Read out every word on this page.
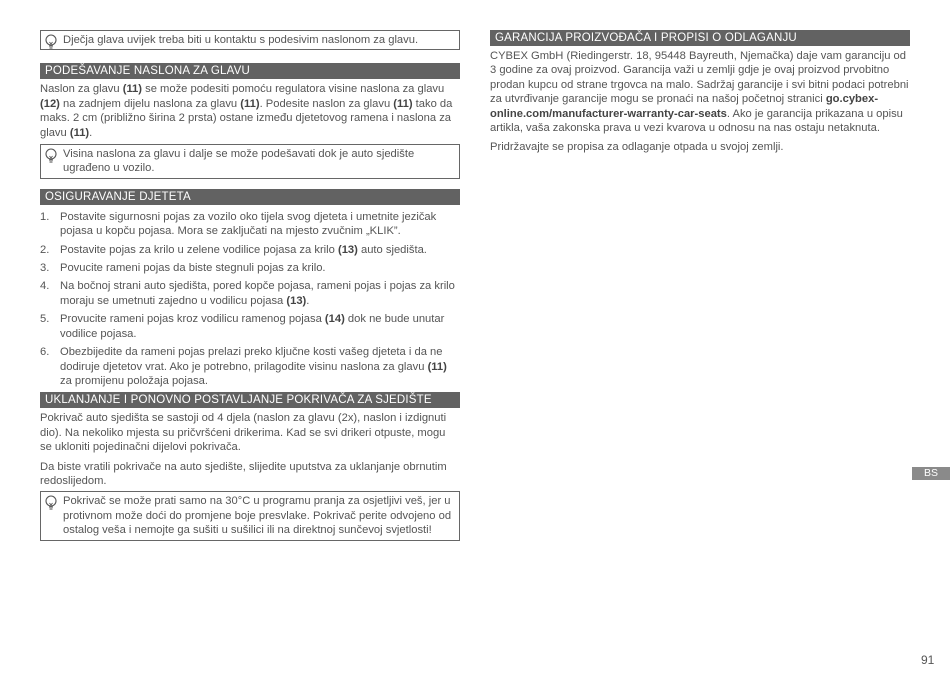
Dječja glava uvijek treba biti u kontaktu s podesivim naslonom za glavu.
PODEŠAVANJE NASLONA ZA GLAVU

Naslon za glavu (11) se može podesiti pomoću regulatora visine naslona za glavu (12) na zadnjem dijelu naslona za glavu (11). Podesite naslon za glavu (11) tako da maks. 2 cm (približno širina 2 prsta) ostane između djetetovog ramena i naslona za glavu (11).

Visina naslona za glavu i dalje se može podešavati dok je auto sjedište ugrađeno u vozilo.
OSIGURAVANJE DJETETA
1. Postavite sigurnosni pojas za vozilo oko tijela svog djeteta i umetnite jezičak pojasa u kopču pojasa. Mora se zaključati na mjesto zvučnim „KLIK”.
2. Postavite pojas za krilo u zelene vodilice pojasa za krilo (13) auto sjedišta.
3. Povucite rameni pojas da biste stegnuli pojas za krilo.
4. Na bočnoj strani auto sjedišta, pored kopče pojasa, rameni pojas i pojas za krilo moraju se umetnuti zajedno u vodilicu pojasa (13).
5. Provucite rameni pojas kroz vodilicu ramenog pojasa (14) dok ne bude unutar vodilice pojasa.
6. Obezbijedite da rameni pojas prelazi preko ključne kosti vašeg djeteta i da ne dodiruje djetetov vrat. Ako je potrebno, prilagodite visinu naslona za glavu (11) za promijenu položaja pojasa.
UKLANJANJE I PONOVNO POSTAVLJANJE POKRIVAČA ZA SJEDIŠTE

Pokrivač auto sjedišta se sastoji od 4 djela (naslon za glavu (2x), naslon i izdignuti dio). Na nekoliko mjesta su pričvršćeni drikerima. Kad se svi drikeri otpuste, mogu se ukloniti pojedinačni dijelovi pokrivača.

Da biste vratili pokrivače na auto sjedište, slijedite uputstva za uklanjanje obrnutim redoslijedom.

Pokrivač se može prati samo na 30°C u programu pranja za osjetljivi veš, jer u protivnom može doći do promjene boje presvlake. Pokrivač perite odvojeno od ostalog veša i nemojte ga sušiti u sušilici ili na direktnoj sunčevoj svjetlosti!
GARANCIJA PROIZVOĐAČA I PROPISI O ODLAGANJU

CYBEX GmbH (Riedingerstr. 18, 95448 Bayreuth, Njemačka) daje vam garanciju od 3 godine za ovaj proizvod. Garancija važi u zemlji gdje je ovaj proizvod prvobitno prodan kupcu od strane trgovca na malo. Sadržaj garancije i svi bitni podaci potrebni za utvrđivanje garancije mogu se pronaći na našoj početnoj stranici go.cybex-online.com/manufacturer-warranty-car-seats. Ako je garancija prikazana u opisu artikla, vaša zakonska prava u vezi kvarova u odnosu na nas ostaju netaknuta.

Pridržavajte se propisa za odlaganje otpada u svojoj zemlji.

BS
91
